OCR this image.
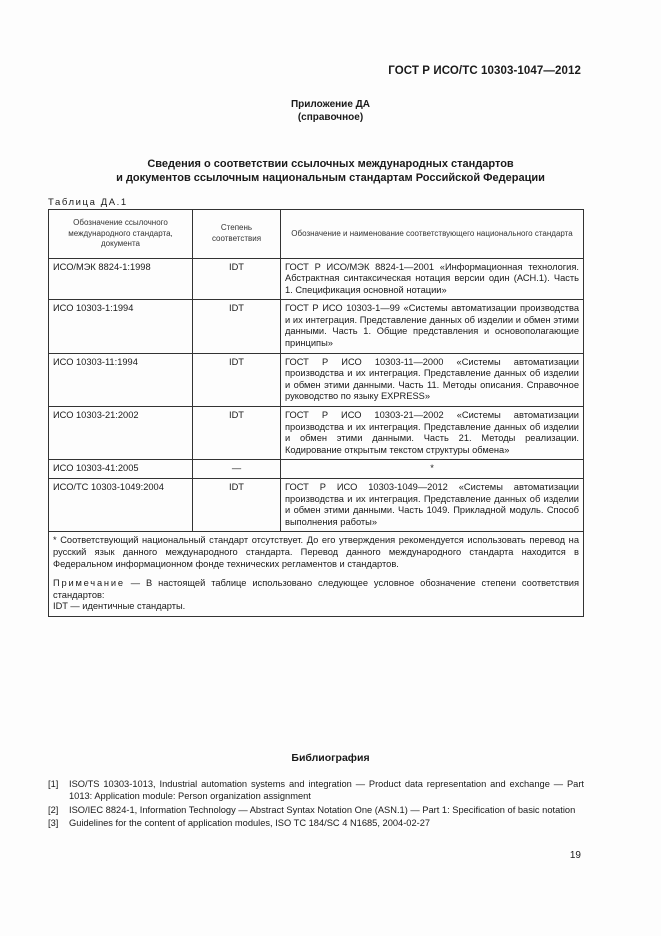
ГОСТ Р ИСО/ТС 10303-1047—2012
Приложение ДА
(справочное)
Сведения о соответствии ссылочных международных стандартов
и документов ссылочным национальным стандартам Российской Федерации
Таблица ДА.1
Обозначение ссылочного международного стандарта, документа	Степень соответствия	Обозначение и наименование соответствующего национального стандарта
ИСО/МЭК 8824-1:1998	IDT	ГОСТ Р ИСО/МЭК 8824-1—2001 «Информационная технология. Абстрактная синтаксическая нотация версии один (АСН.1). Часть 1. Спецификация основной нотации»
ИСО 10303-1:1994	IDT	ГОСТ Р ИСО 10303-1—99 «Системы автоматизации производства и их интеграция. Представление данных об изделии и обмен этими данными. Часть 1. Общие представления и основополагающие принципы»
ИСО 10303-11:1994	IDT	ГОСТ Р ИСО 10303-11—2000 «Системы автоматизации производства и их интеграция. Представление данных об изделии и обмен этими данными. Часть 11. Методы описания. Справочное руководство по языку EXPRESS»
ИСО 10303-21:2002	IDT	ГОСТ Р ИСО 10303-21—2002 «Системы автоматизации производства и их интеграция. Представление данных об изделии и обмен этими данными. Часть 21. Методы реализации. Кодирование открытым текстом структуры обмена»
ИСО 10303-41:2005	—	*
ИСО/ТС 10303-1049:2004	IDT	ГОСТ Р ИСО 10303-1049—2012 «Системы автоматизации производства и их интеграция. Представление данных об изделии и обмен этими данными. Часть 1049. Прикладной модуль. Способ выполнения работы»

* Соответствующий национальный стандарт отсутствует. До его утверждения рекомендуется использовать перевод на русский язык данного международного стандарта. Перевод данного международного стандарта находится в Федеральном информационном фонде технических регламентов и стандартов.

Примечание — В настоящей таблице использовано следующее условное обозначение степени соответствия стандартов:

IDT — идентичные стандарты.		

Библиография
[1]	ISO/TS 10303-1013, Industrial automation systems and integration — Product data representation and exchange — Part 1013: Application module: Person organization assignment
[2]	ISO/IEC 8824-1, Information Technology — Abstract Syntax Notation One (ASN.1) — Part 1: Specification of basic notation
[3]	Guidelines for the content of application modules, ISO TC 184/SC 4 N1685, 2004-02-27
19
